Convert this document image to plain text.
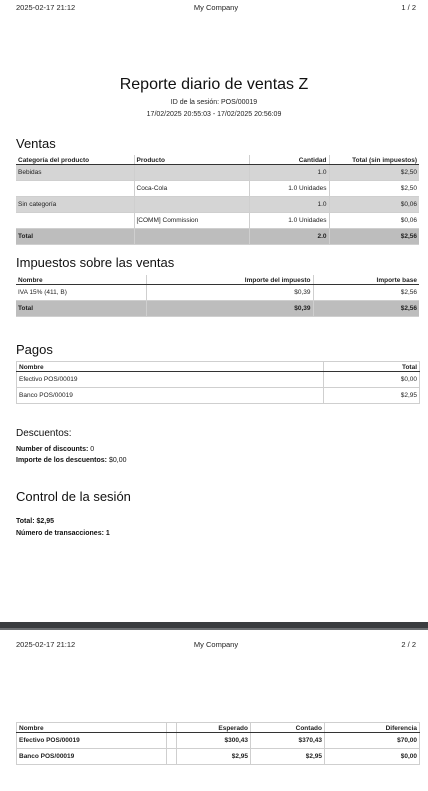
2025-02-17 21:12	My Company	1 / 2
Reporte diario de ventas Z
ID de la sesión: POS/00019
17/02/2025 20:55:03 - 17/02/2025 20:56:09
Ventas
Categoría del producto	Producto	Cantidad	Total (sin impuestos)
Bebidas		1.0	$2,50
	Coca-Cola	1.0 Unidades	$2,50
Sin categoría		1.0	$0,06
	[COMM] Commission	1.0 Unidades	$0,06
Total		2.0	$2,56
Impuestos sobre las ventas
Nombre	Importe del impuesto	Importe base
IVA 15% (411, B)	$0,39	$2,56
Total	$0,39	$2,56
Pagos
Nombre	Total
Efectivo POS/00019	$0,00
Banco POS/00019	$2,95
Descuentos:
Number of discounts: 0
Importe de los descuentos: $0,00
Control de la sesión
Total: $2,95
Número de transacciones: 1
2025-02-17 21:12	My Company	2 / 2
Nombre		Esperado	Contado	Diferencia
Efectivo POS/00019		$300,43	$370,43	$70,00
Banco POS/00019		$2,95	$2,95	$0,00
